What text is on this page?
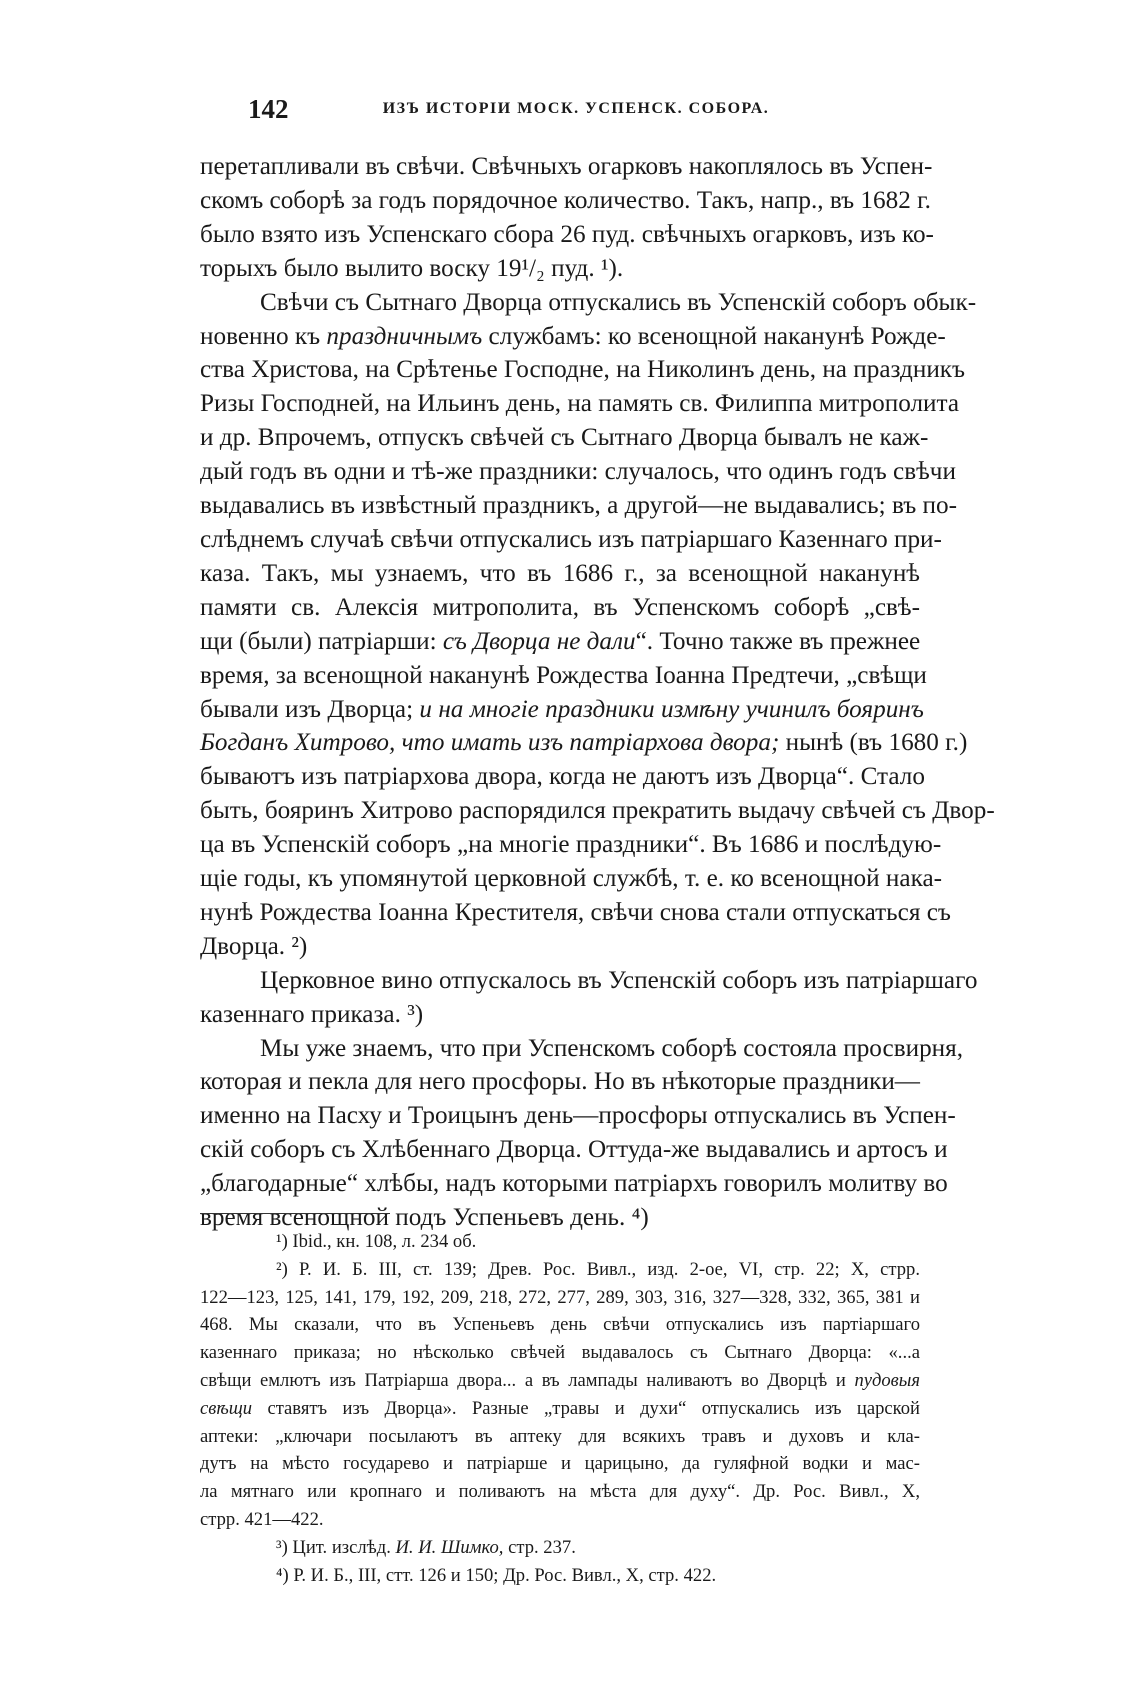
142	ИЗЪ ИСТОРІИ МОСК. УСПЕНСК. СОБОРА.

перетапливали въ свѣчи. Свѣчныхъ огарковъ накоплялось въ Успен-
скомъ соборѣ за годъ порядочное количество. Такъ, напр., въ 1682 г.
было взято изъ Успенскаго сбора 26 пуд. свѣчныхъ огарковъ, изъ ко-
торыхъ было вылито воску 19¹/₂ пуд. ¹).

Свѣчи съ Сытнаго Дворца отпускались въ Успенскій соборъ обык-
новенно къ праздничнымъ службамъ: ко всенощной наканунѣ Рожде-
ства Христова, на Срѣтенье Господне, на Николинъ день, на праздникъ
Ризы Господней, на Ильинъ день, на память св. Филиппа митрополита
и др. Впрочемъ, отпускъ свѣчей съ Сытнаго Дворца бывалъ не каж-
дый годъ въ одни и тѣ-же праздники: случалось, что одинъ годъ свѣчи
выдавались въ извѣстный праздникъ, а другой—не выдавались; въ по-
слѣднемъ случаѣ свѣчи отпускались изъ патріаршаго Казеннаго при-
каза. Такъ, мы узнаемъ, что въ 1686 г., за всенощной наканунѣ
памяти св. Алексія митрополита, въ Успенскомъ соборѣ „свѣ-
щи (были) патріарши: съ Дворца не дали“. Точно также въ прежнее
время, за всенощной наканунѣ Рождества Іоанна Предтечи, „свѣщи
бывали изъ Дворца; и на многіе праздники измѣну учинилъ бояринъ
Богданъ Хитрово, что имать изъ патріархова двора; нынѣ (въ 1680 г.)
бываютъ изъ патріархова двора, когда не даютъ изъ Дворца“. Стало
быть, бояринъ Хитрово распорядился прекратить выдачу свѣчей съ Двор-
ца въ Успенскій соборъ „на многіе праздники“. Въ 1686 и послѣдую-
щіе годы, къ упомянутой церковной службѣ, т. е. ко всенощной нака-
нунѣ Рождества Іоанна Крестителя, свѣчи снова стали отпускаться съ
Дворца. ²)

Церковное вино отпускалось въ Успенскій соборъ изъ патріаршаго
казеннаго приказа. ³)

Мы уже знаемъ, что при Успенскомъ соборѣ состояла просвирня,
которая и пекла для него просфоры. Но въ нѣкоторые праздники—
именно на Пасху и Троицынъ день—просфоры отпускались въ Успен-
скій соборъ съ Хлѣбеннаго Дворца. Оттуда-же выдавались и артосъ и
„благодарные“ хлѣбы, надъ которыми патріархъ говорилъ молитву во
время всенощной подъ Успеньевъ день. ⁴)

¹) Ibid., кн. 108, л. 234 об.
²) Р. И. Б. III, ст. 139; Древ. Рос. Вивл., изд. 2-ое, VI, стр. 22; X, стрр.
122—123, 125, 141, 179, 192, 209, 218, 272, 277, 289, 303, 316, 327—328, 332, 365, 381 и
468. Мы сказали, что въ Успеньевъ день свѣчи отпускались изъ партіаршаго
казеннаго приказа; но нѣсколько свѣчей выдавалось съ Сытнаго Дворца: «...а
свѣщи емлютъ изъ Патріарша двора... а въ лампады наливаютъ во Дворцѣ и пудовыя
свѣщи ставятъ изъ Дворца». Разные „травы и духи“ отпускались изъ царской
аптеки: „ключари посылаютъ въ аптеку для всякихъ травъ и духовъ и кла-
дутъ на мѣсто государево и патріарше и царицыно, да гуляфной водки и мас-
ла мятнаго или кропнаго и поливаютъ на мѣста для духу“. Др. Рос. Вивл., X,
стрр. 421—422.
³) Цит. изслѣд. И. И. Шимко, стр. 237.
⁴) Р. И. Б., III, стт. 126 и 150; Др. Рос. Вивл., X, стр. 422.
